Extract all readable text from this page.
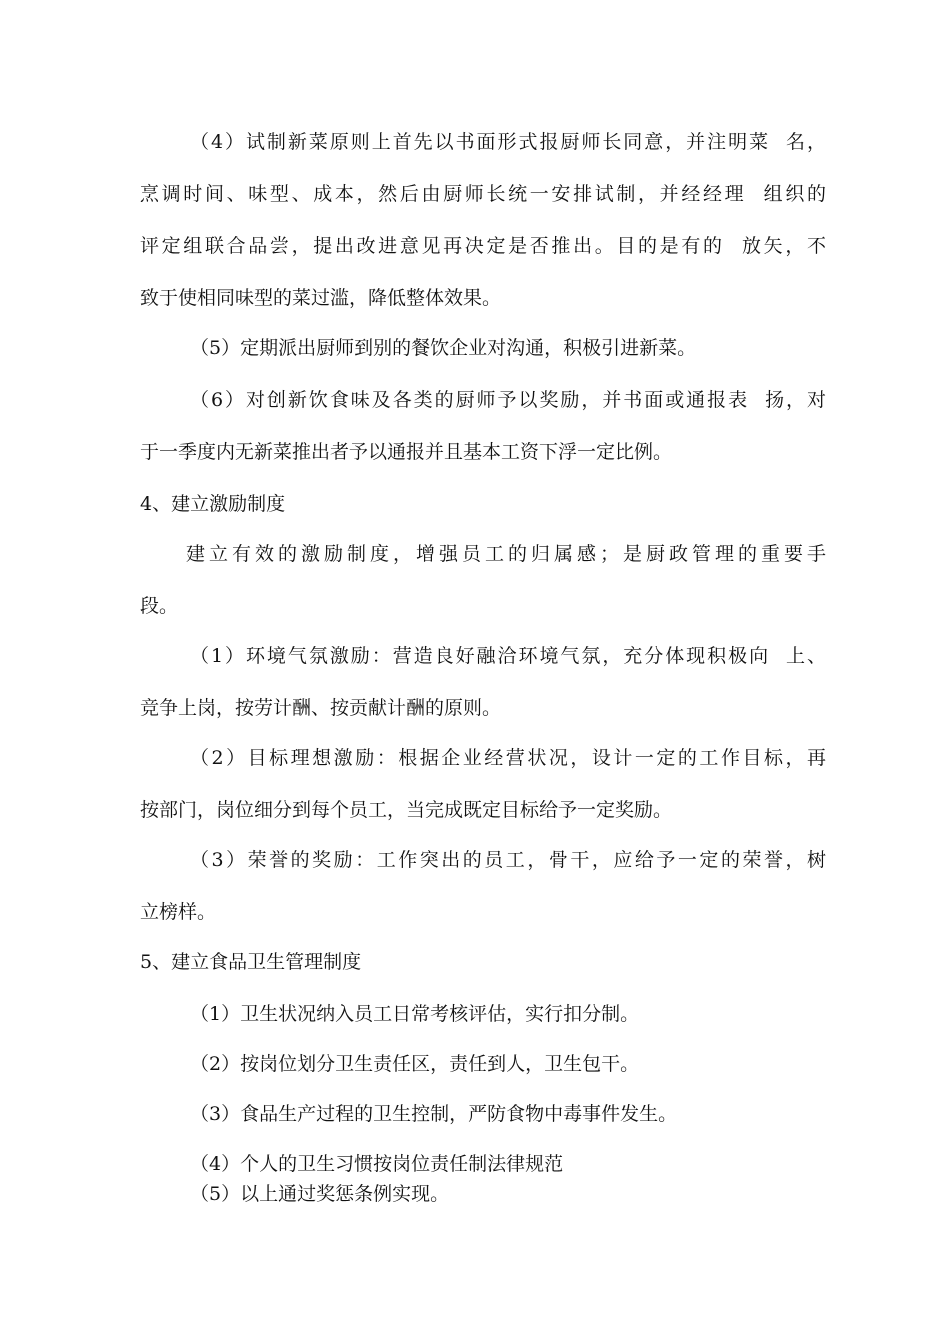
（4）试制新菜原则上首先以书面形式报厨师长同意，并注明菜  名，
烹调时间、味型、成本，然后由厨师长统一安排试制，并经经理  组织的
评定组联合品尝，提出改进意见再决定是否推出。目的是有的  放矢，不
致于使相同味型的菜过滥，降低整体效果。
（5）定期派出厨师到别的餐饮企业对沟通，积极引进新菜。
（6）对创新饮食味及各类的厨师予以奖励，并书面或通报表  扬，对
于一季度内无新菜推出者予以通报并且基本工资下浮一定比例。
4、建立激励制度
建立有效的激励制度，增强员工的归属感；是厨政管理的重要手
段。
（1）环境气氛激励：营造良好融洽环境气氛，充分体现积极向  上、
竞争上岗，按劳计酬、按贡献计酬的原则。
（2）目标理想激励：根据企业经营状况，设计一定的工作目标，再
按部门，岗位细分到每个员工，当完成既定目标给予一定奖励。
（3）荣誉的奖励：工作突出的员工，骨干，应给予一定的荣誉，树
立榜样。
5、建立食品卫生管理制度
（1）卫生状况纳入员工日常考核评估，实行扣分制。
（2）按岗位划分卫生责任区，责任到人，卫生包干。
（3）食品生产过程的卫生控制，严防食物中毒事件发生。
（4）个人的卫生习惯按岗位责任制法律规范
（5）以上通过奖惩条例实现。
